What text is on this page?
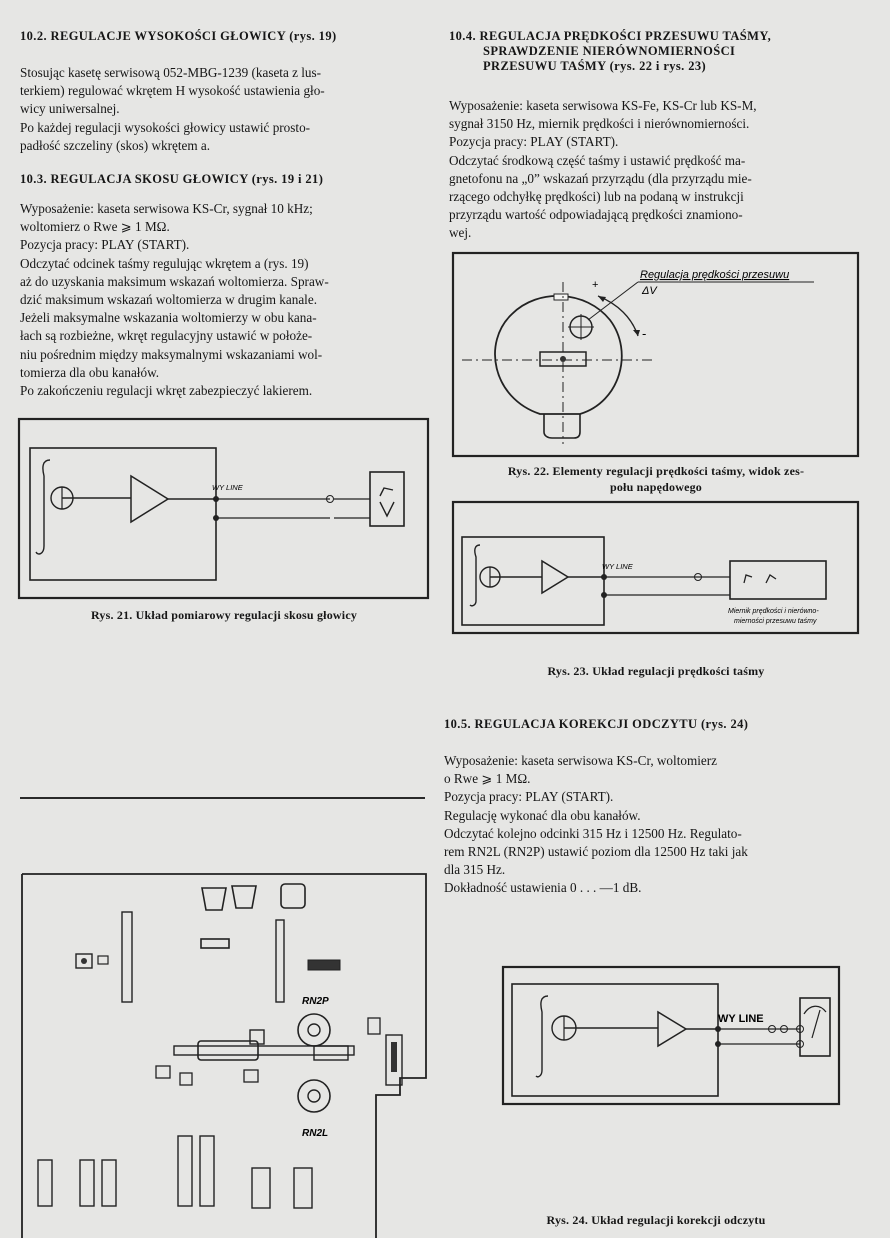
10.2. REGULACJE WYSOKOŚCI GŁOWICY (rys. 19)
Stosując kasetę serwisową 052-MBG-1239 (kaseta z lus-
terkiem) regulować wkrętem H wysokość ustawienia gło-
wicy uniwersalnej.
Po każdej regulacji wysokości głowicy ustawić prosto-
padłość szczeliny (skos) wkrętem a.
10.3. REGULACJA SKOSU GŁOWICY (rys. 19 i 21)
Wyposażenie: kaseta serwisowa KS-Cr, sygnał 10 kHz;
woltomierz o Rwe ⩾ 1 MΩ.
Pozycja pracy: PLAY (START).
Odczytać odcinek taśmy regulując wkrętem a (rys. 19)
aż do uzyskania maksimum wskazań woltomierza. Spraw-
dzić maksimum wskazań woltomierza w drugim kanale.
Jeżeli maksymalne wskazania woltomierzy w obu kana-
łach są rozbieżne, wkręt regulacyjny ustawić w położe-
niu pośrednim między maksymalnymi wskazaniami wol-
tomierza dla obu kanałów.
Po zakończeniu regulacji wkręt zabezpieczyć lakierem.
WY LINE

Rys. 21. Układ pomiarowy regulacji skosu głowicy

RN2P
RN2L
10.4. REGULACJA PRĘDKOŚCI PRZESUWU TAŚMY,
SPRAWDZENIE NIERÓWNOMIERNOŚCI
PRZESUWU TAŚMY (rys. 22 i rys. 23)
Wyposażenie: kaseta serwisowa KS-Fe, KS-Cr lub KS-M,
sygnał 3150 Hz, miernik prędkości i nierównomierności.
Pozycja pracy: PLAY (START).
Odczytać środkową część taśmy i ustawić prędkość ma-
gnetofonu na „0” wskazań przyrządu (dla przyrządu mie-
rzącego odchyłkę prędkości) lub na podaną w instrukcji
przyrządu wartość odpowiadającą prędkości znamiono-
wej.
Regulacja prędkości przesuwu
ΔV
+
-

Rys. 22. Elementy regulacji prędkości taśmy, widok zes-
połu napędowego

WY LINE
Miernik prędkości i nierówno-
mierności przesuwu taśmy

Rys. 23. Układ regulacji prędkości taśmy

10.5. REGULACJA KOREKCJI ODCZYTU (rys. 24)
Wyposażenie: kaseta serwisowa KS-Cr, woltomierz
o Rwe ⩾ 1 MΩ.
Pozycja pracy: PLAY (START).
Regulację wykonać dla obu kanałów.
Odczytać kolejno odcinki 315 Hz i 12500 Hz. Regulato-
rem RN2L (RN2P) ustawić poziom dla 12500 Hz taki jak
dla 315 Hz.
Dokładność ustawienia 0 . . . —1 dB.
WY LINE

Rys. 24. Układ regulacji korekcji odczytu
